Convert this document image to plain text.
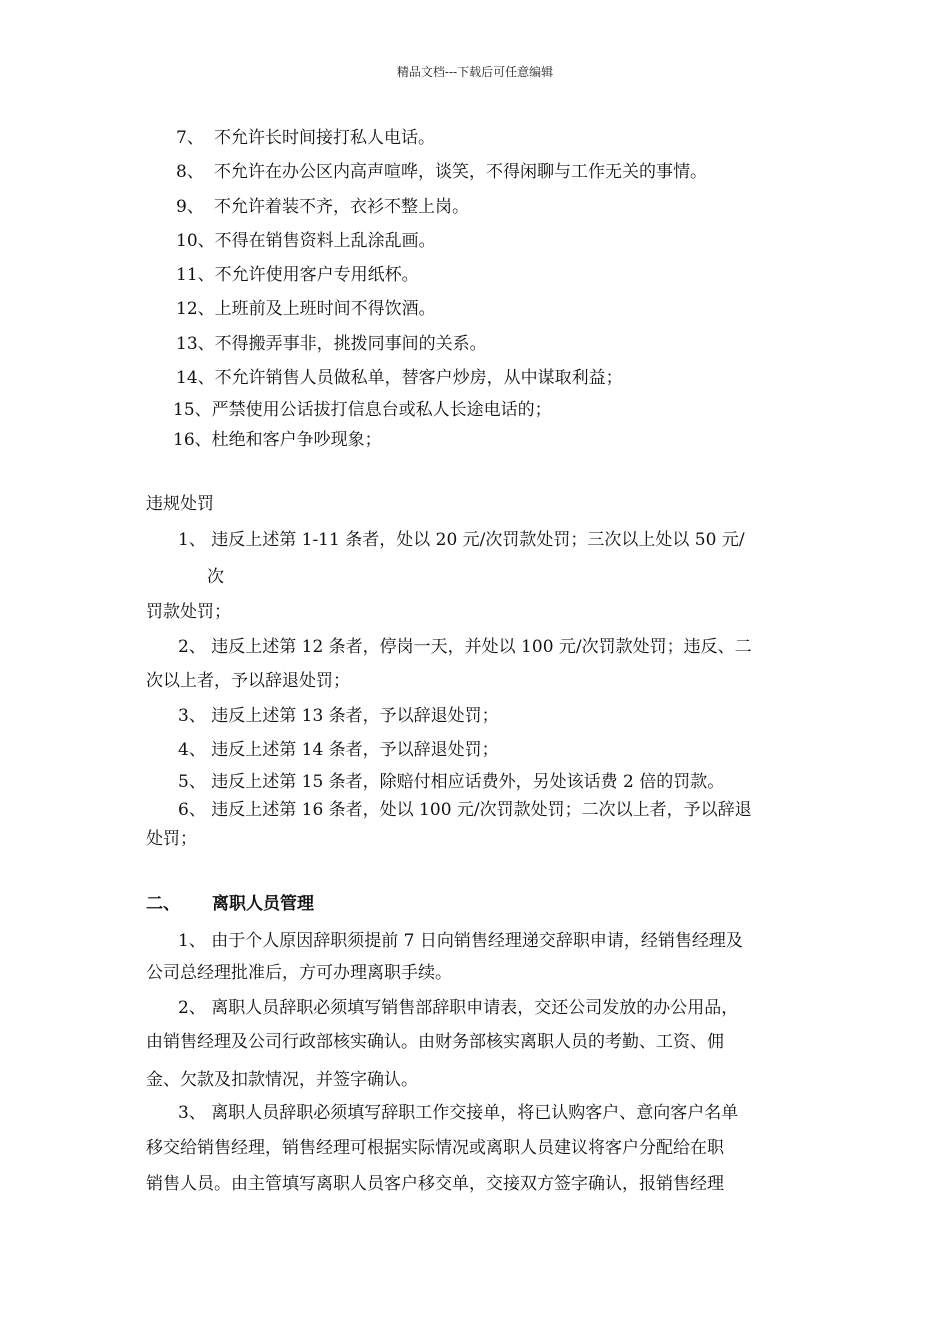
精品文档---下载后可任意编辑
7、 不允许长时间接打私人电话。
8、 不允许在办公区内高声喧哗，谈笑，不得闲聊与工作无关的事情。
9、 不允许着装不齐，衣衫不整上岗。
10、不得在销售资料上乱涂乱画。
11、不允许使用客户专用纸杯。
12、上班前及上班时间不得饮酒。
13、不得搬弄事非，挑拨同事间的关系。
14、不允许销售人员做私单，替客户炒房，从中谋取利益；
15、严禁使用公话拔打信息台或私人长途电话的；
16、杜绝和客户争吵现象；
违规处罚
1、 违反上述第 1-11 条者，处以 20 元/次罚款处罚；三次以上处以 50 元/
次
罚款处罚；
2、 违反上述第 12 条者，停岗一天，并处以 100 元/次罚款处罚；违反、二
次以上者，予以辞退处罚；
3、 违反上述第 13 条者，予以辞退处罚；
4、 违反上述第 14 条者，予以辞退处罚；
5、 违反上述第 15 条者，除赔付相应话费外，另处该话费 2 倍的罚款。
6、 违反上述第 16 条者，处以 100 元/次罚款处罚；二次以上者，予以辞退
处罚；
二、 离职人员管理
1、 由于个人原因辞职须提前 7 日向销售经理递交辞职申请，经销售经理及
公司总经理批准后，方可办理离职手续。
2、 离职人员辞职必须填写销售部辞职申请表，交还公司发放的办公用品，
由销售经理及公司行政部核实确认。由财务部核实离职人员的考勤、工资、佣
金、欠款及扣款情况，并签字确认。
3、 离职人员辞职必须填写辞职工作交接单，将已认购客户、意向客户名单
移交给销售经理，销售经理可根据实际情况或离职人员建议将客户分配给在职
销售人员。由主管填写离职人员客户移交单，交接双方签字确认，报销售经理
